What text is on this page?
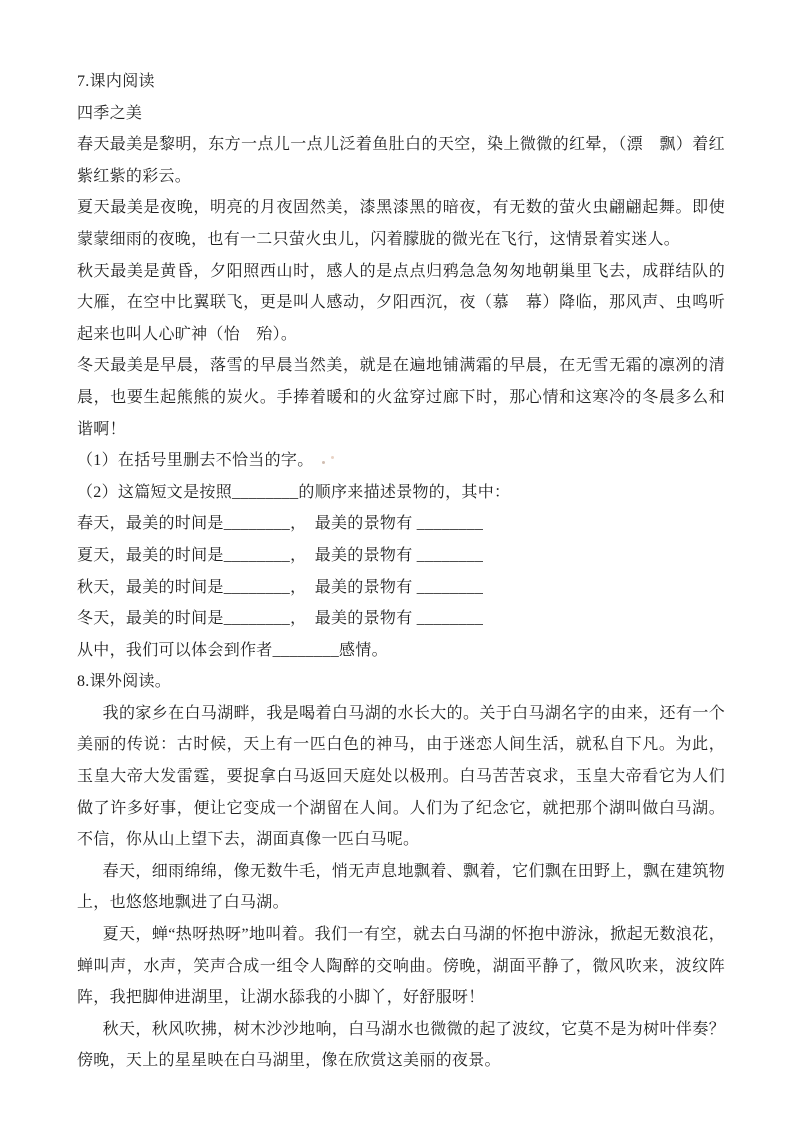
7.课内阅读

四季之美

春天最美是黎明，东方一点儿一点儿泛着鱼肚白的天空，染上微微的红晕，（漂　飘）着红紫红紫的彩云。

夏天最美是夜晚，明亮的月夜固然美，漆黑漆黑的暗夜，有无数的萤火虫翩翩起舞。即使蒙蒙细雨的夜晚，也有一二只萤火虫儿，闪着朦胧的微光在飞行，这情景着实迷人。

秋天最美是黄昏，夕阳照西山时，感人的是点点归鸦急急匆匆地朝巢里飞去，成群结队的大雁，在空中比翼联飞，更是叫人感动，夕阳西沉，夜（慕　幕）降临，那风声、虫鸣听起来也叫人心旷神（怡　殆）。

冬天最美是早晨，落雪的早晨当然美，就是在遍地铺满霜的早晨，在无雪无霜的凛冽的清晨，也要生起熊熊的炭火。手捧着暖和的火盆穿过廊下时，那心情和这寒冷的冬晨多么和谐啊！

（1）在括号里删去不恰当的字。

（2）这篇短文是按照________的顺序来描述景物的，其中：

春天，最美的时间是________，　最美的景物有 ________

夏天，最美的时间是________，　最美的景物有 ________

秋天，最美的时间是________，　最美的景物有 ________

冬天，最美的时间是________，　最美的景物有 ________

从中，我们可以体会到作者________感情。

8.课外阅读。

我的家乡在白马湖畔，我是喝着白马湖的水长大的。关于白马湖名字的由来，还有一个美丽的传说：古时候，天上有一匹白色的神马，由于迷恋人间生活，就私自下凡。为此，玉皇大帝大发雷霆，要捉拿白马返回天庭处以极刑。白马苦苦哀求，玉皇大帝看它为人们做了许多好事，便让它变成一个湖留在人间。人们为了纪念它，就把那个湖叫做白马湖。不信，你从山上望下去，湖面真像一匹白马呢。

春天，细雨绵绵，像无数牛毛，悄无声息地飘着、飘着，它们飘在田野上，飘在建筑物上，也悠悠地飘进了白马湖。

夏天，蝉“热呀热呀”地叫着。我们一有空，就去白马湖的怀抱中游泳，掀起无数浪花，蝉叫声，水声，笑声合成一组令人陶醉的交响曲。傍晚，湖面平静了，微风吹来，波纹阵阵，我把脚伸进湖里，让湖水舔我的小脚丫，好舒服呀！

秋天，秋风吹拂，树木沙沙地响，白马湖水也微微的起了波纹，它莫不是为树叶伴奏？傍晚，天上的星星映在白马湖里，像在欣赏这美丽的夜景。
